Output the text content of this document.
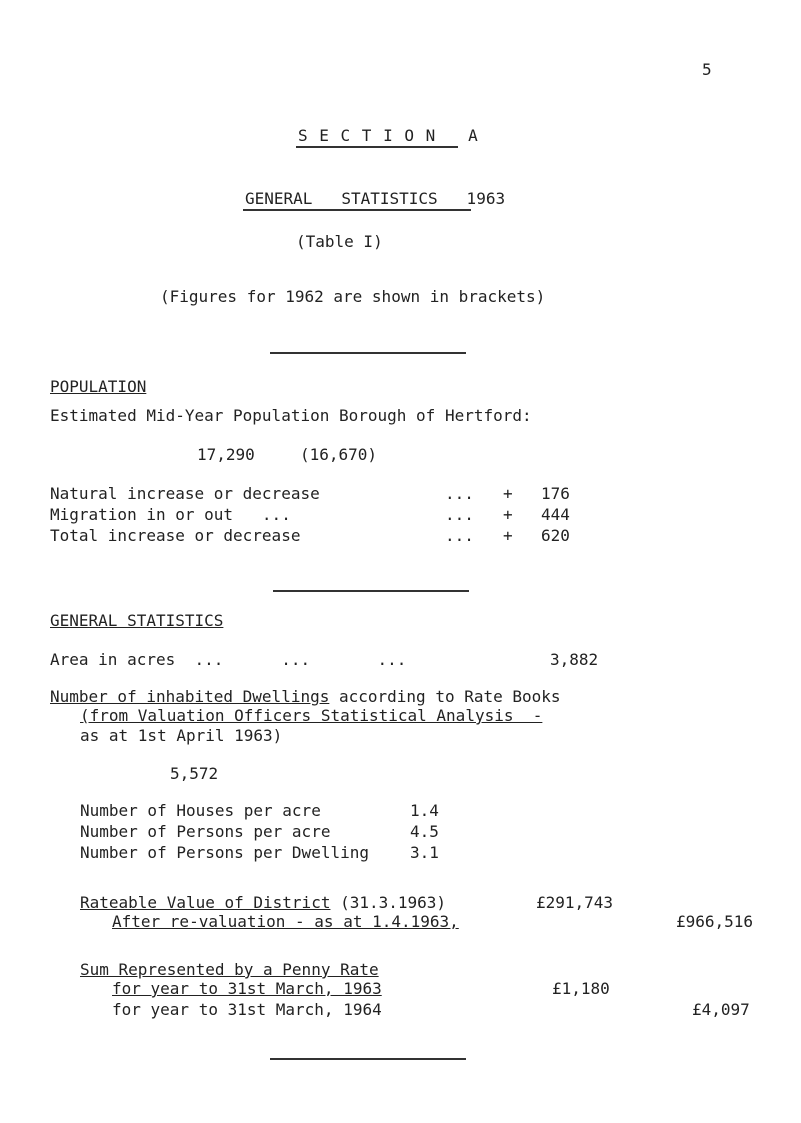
5
S E C T I O N   A
GENERAL   STATISTICS   1963
(Table I)
(Figures for 1962 are shown in brackets)
POPULATION
Estimated Mid-Year Population Borough of Hertford:
17,290	(16,670)
Natural increase or decrease	... + 176
Migration in or out   ...	... + 444
Total increase or decrease	... + 620
GENERAL STATISTICS
Area in acres  ...      ...       ...	3,882
Number of inhabited Dwellings according to Rate Books
(from Valuation Officers Statistical Analysis  -
as at 1st April 1963)
5,572
Number of Houses per acre	1.4
Number of Persons per acre	4.5
Number of Persons per Dwelling	3.1
Rateable Value of District (31.3.1963)	£291,743
After re-valuation - as at 1.4.1963,	£966,516
Sum Represented by a Penny Rate
for year to 31st March, 1963	£1,180
for year to 31st March, 1964	£4,097
